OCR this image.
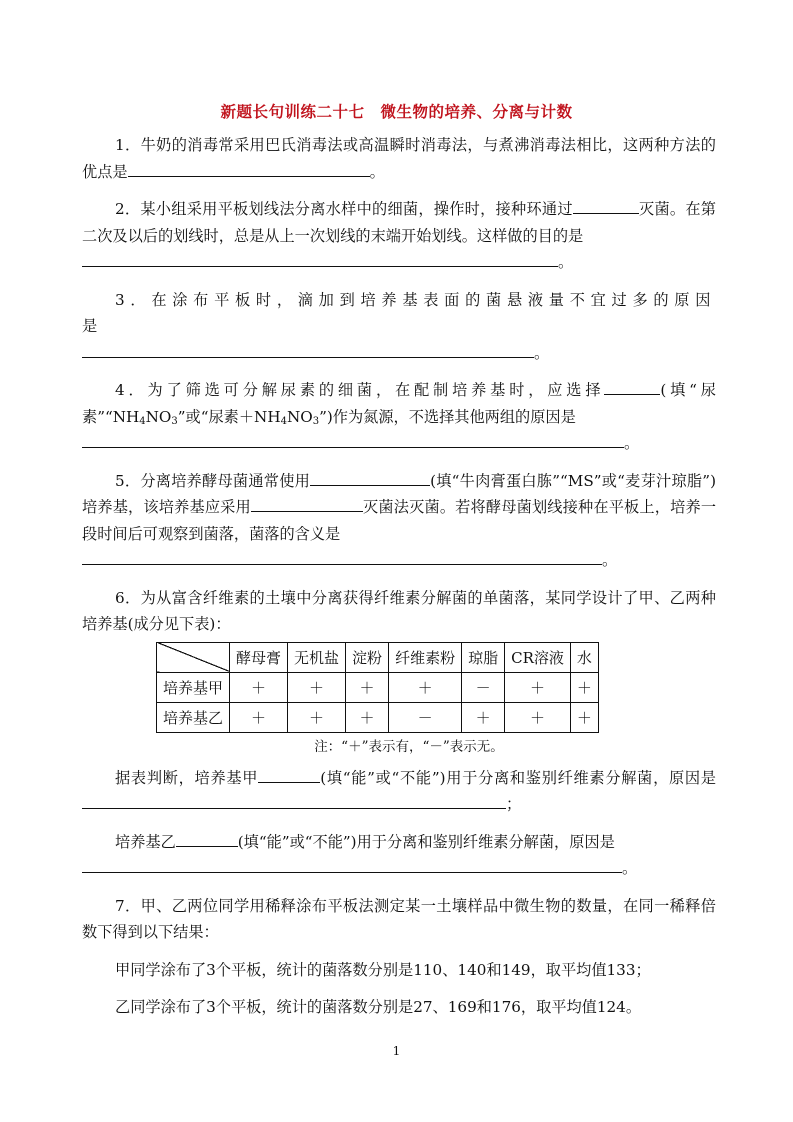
新题长句训练二十七　微生物的培养、分离与计数

1．牛奶的消毒常采用巴氏消毒法或高温瞬时消毒法，与煮沸消毒法相比，这两种方法的优点是	。

2．某小组采用平板划线法分离水样中的细菌，操作时，接种环通过	灭菌。在第二次及以后的划线时，总是从上一次划线的末端开始划线。这样做的目的是
。

3．在涂布平板时，滴加到培养基表面的菌悬液量不宜过多的原因是
。

4．为了筛选可分解尿素的细菌，在配制培养基时，应选择	(填“尿素$”“NH_4NO_3$”或“尿素$+NH_4NO_3$”)作为氮源，不选择其他两组的原因是
。

5．分离培养酵母菌通常使用	(填“牛肉膏蛋白胨”“MS”或“麦芽汁琼脂”)培养基，该培养基应采用	灭菌法灭菌。若将酵母菌划线接种在平板上，培养一段时间后可观察到菌落，菌落的含义是
。

6．为从富含纤维素的土壤中分离获得纤维素分解菌的单菌落，某同学设计了甲、乙两种培养基(成分见下表)：

	酵母膏	无机盐	淀粉	纤维素粉	琼脂	CR溶液	水
培养基甲	＋	＋	＋	＋	－	＋	＋
培养基乙	＋	＋	＋	－	＋	＋	＋
注：“＋”表示有，“－”表示无。

据表判断，培养基甲	(填“能”或“不能”)用于分离和鉴别纤维素分解菌，原因是；

培养基乙	(填“能”或“不能”)用于分离和鉴别纤维素分解菌，原因是
。

7．甲、乙两位同学用稀释涂布平板法测定某一土壤样品中微生物的数量，在同一稀释倍数下得到以下结果：

甲同学涂布了3个平板，统计的菌落数分别是110、140和149，取平均值133；

乙同学涂布了3个平板，统计的菌落数分别是27、169和176，取平均值124。

1
